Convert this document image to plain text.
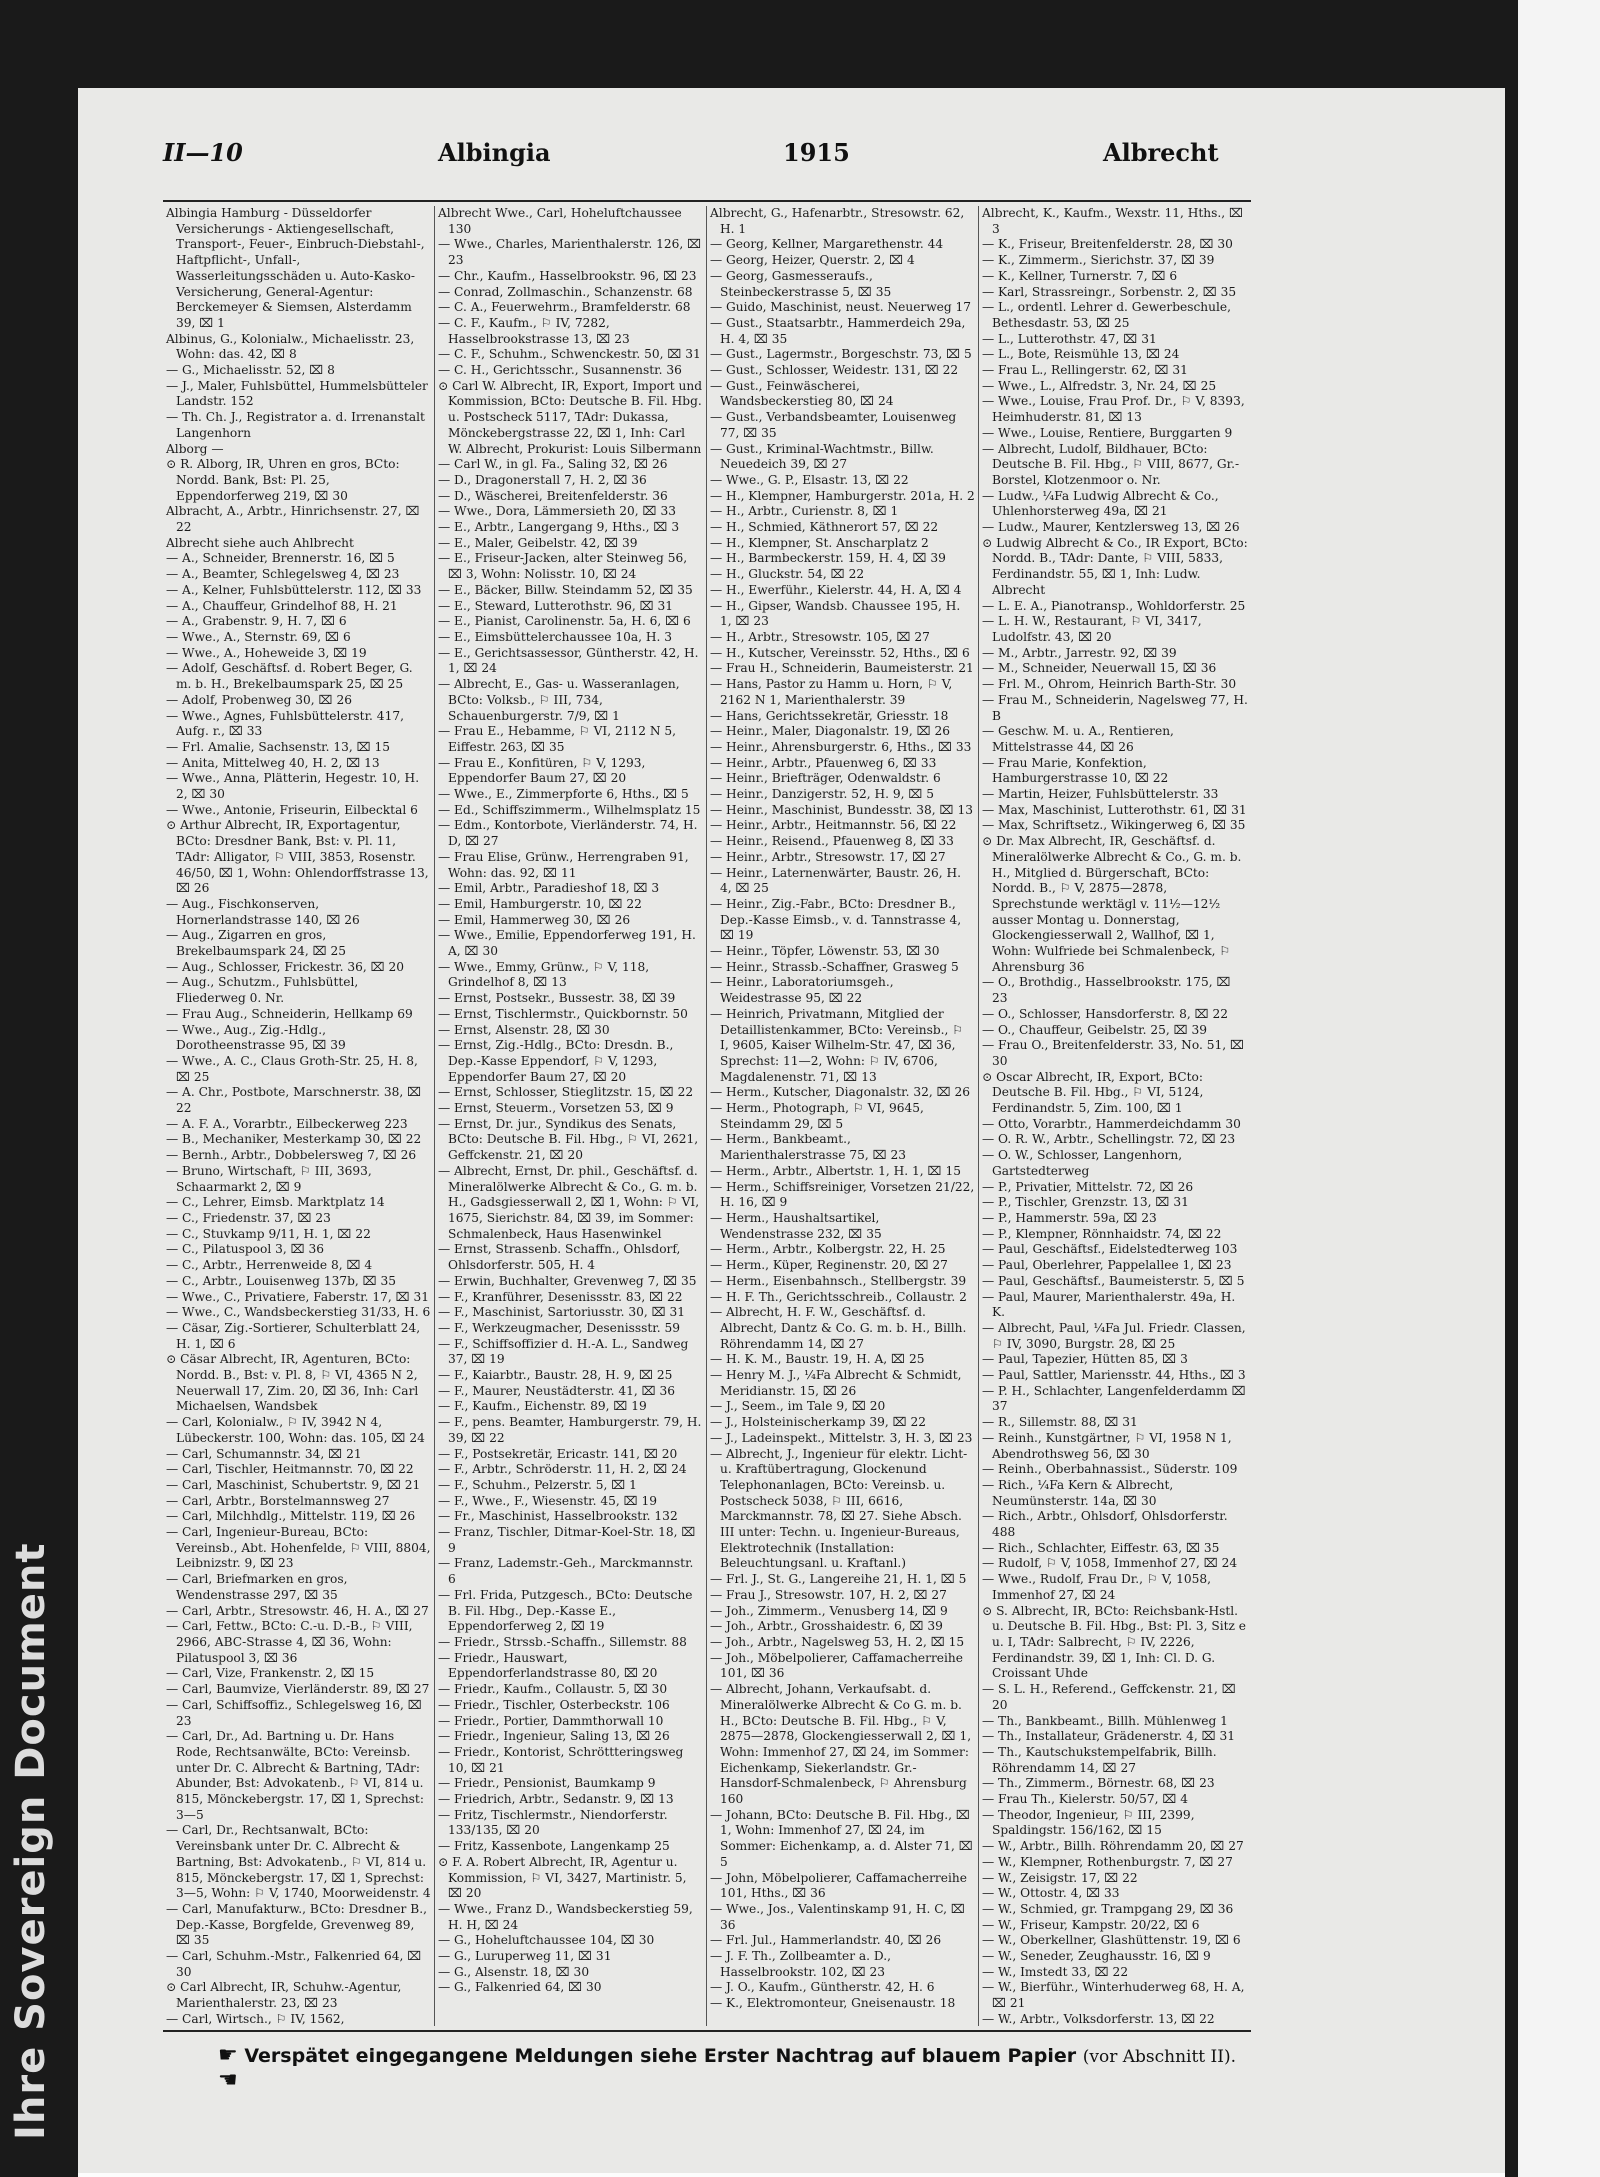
Ihre Sovereign Document
II—10	Albingia	1915	Albrecht

Albingia Hamburg - Düsseldorfer Versicherungs - Aktiengesellschaft, Transport-, Feuer-, Einbruch-Diebstahl-, Haftpflicht-, Unfall-, Wasserleitungsschäden u. Auto-Kasko-Versicherung, General-Agentur: Berckemeyer & Siemsen, Alsterdamm 39, ⌧ 1

Albinus, G., Kolonialw., Michaelisstr. 23, Wohn: das. 42, ⌧ 8

— G., Michaelisstr. 52, ⌧ 8

— J., Maler, Fuhlsbüttel, Hummelsbütteler Landstr. 152

— Th. Ch. J., Registrator a. d. Irrenanstalt Langenhorn

Alborg —

⊙ R. Alborg, IR, Uhren en gros, BCto: Nordd. Bank, Bst: Pl. 25, Eppendorferweg 219, ⌧ 30

Albracht, A., Arbtr., Hinrichsenstr. 27, ⌧ 22

Albrecht siehe auch Ahlbrecht

— A., Schneider, Brennerstr. 16, ⌧ 5

— A., Beamter, Schlegelsweg 4, ⌧ 23

— A., Kelner, Fuhlsbüttelerstr. 112, ⌧ 33

— A., Chauffeur, Grindelhof 88, H. 21

— A., Grabenstr. 9, H. 7, ⌧ 6

— Wwe., A., Sternstr. 69, ⌧ 6

— Wwe., A., Hoheweide 3, ⌧ 19

— Adolf, Geschäftsf. d. Robert Beger, G. m. b. H., Brekelbaumspark 25, ⌧ 25

— Adolf, Probenweg 30, ⌧ 26

— Wwe., Agnes, Fuhlsbüttelerstr. 417, Aufg. r., ⌧ 33

— Frl. Amalie, Sachsenstr. 13, ⌧ 15

— Anita, Mittelweg 40, H. 2, ⌧ 13

— Wwe., Anna, Plätterin, Hegestr. 10, H. 2, ⌧ 30

— Wwe., Antonie, Friseurin, Eilbecktal 6

⊙ Arthur Albrecht, IR, Exportagentur, BCto: Dresdner Bank, Bst: v. Pl. 11, TAdr: Alligator, ⚐ VIII, 3853, Rosenstr. 46/50, ⌧ 1, Wohn: Ohlendorffstrasse 13, ⌧ 26

— Aug., Fischkonserven, Hornerlandstrasse 140, ⌧ 26

— Aug., Zigarren en gros, Brekelbaumspark 24, ⌧ 25

— Aug., Schlosser, Frickestr. 36, ⌧ 20

— Aug., Schutzm., Fuhlsbüttel, Fliederweg 0. Nr.

— Frau Aug., Schneiderin, Hellkamp 69

— Wwe., Aug., Zig.-Hdlg., Dorotheenstrasse 95, ⌧ 39

— Wwe., A. C., Claus Groth-Str. 25, H. 8, ⌧ 25

— A. Chr., Postbote, Marschnerstr. 38, ⌧ 22

— A. F. A., Vorarbtr., Eilbeckerweg 223

— B., Mechaniker, Mesterkamp 30, ⌧ 22

— Bernh., Arbtr., Dobbelersweg 7, ⌧ 26

— Bruno, Wirtschaft, ⚐ III, 3693, Schaarmarkt 2, ⌧ 9

— C., Lehrer, Eimsb. Marktplatz 14

— C., Friedenstr. 37, ⌧ 23

— C., Stuvkamp 9/11, H. 1, ⌧ 22

— C., Pilatuspool 3, ⌧ 36

— C., Arbtr., Herrenweide 8, ⌧ 4

— C., Arbtr., Louisenweg 137b, ⌧ 35

— Wwe., C., Privatiere, Faberstr. 17, ⌧ 31

— Wwe., C., Wandsbeckerstieg 31/33, H. 6

— Cäsar, Zig.-Sortierer, Schulterblatt 24, H. 1, ⌧ 6

⊙ Cäsar Albrecht, IR, Agenturen, BCto: Nordd. B., Bst: v. Pl. 8, ⚐ VI, 4365 N 2, Neuerwall 17, Zim. 20, ⌧ 36, Inh: Carl Michaelsen, Wandsbek

— Carl, Kolonialw., ⚐ IV, 3942 N 4, Lübeckerstr. 100, Wohn: das. 105, ⌧ 24

— Carl, Schumannstr. 34, ⌧ 21

— Carl, Tischler, Heitmannstr. 70, ⌧ 22

— Carl, Maschinist, Schubertstr. 9, ⌧ 21

— Carl, Arbtr., Borstelmannsweg 27

— Carl, Milchhdlg., Mittelstr. 119, ⌧ 26

— Carl, Ingenieur-Bureau, BCto: Vereinsb., Abt. Hohenfelde, ⚐ VIII, 8804, Leibnizstr. 9, ⌧ 23

— Carl, Briefmarken en gros, Wendenstrasse 297, ⌧ 35

— Carl, Arbtr., Stresowstr. 46, H. A., ⌧ 27

— Carl, Fettw., BCto: C.-u. D.-B., ⚐ VIII, 2966, ABC-Strasse 4, ⌧ 36, Wohn: Pilatuspool 3, ⌧ 36

— Carl, Vize, Frankenstr. 2, ⌧ 15

— Carl, Baumvize, Vierländerstr. 89, ⌧ 27

— Carl, Schiffsoffiz., Schlegelsweg 16, ⌧ 23

— Carl, Dr., Ad. Bartning u. Dr. Hans Rode, Rechtsanwälte, BCto: Vereinsb. unter Dr. C. Albrecht & Bartning, TAdr: Abunder, Bst: Advokatenb., ⚐ VI, 814 u. 815, Mönckebergstr. 17, ⌧ 1, Sprechst: 3—5

— Carl, Dr., Rechtsanwalt, BCto: Vereinsbank unter Dr. C. Albrecht & Bartning, Bst: Advokatenb., ⚐ VI, 814 u. 815, Mönckebergstr. 17, ⌧ 1, Sprechst: 3—5, Wohn: ⚐ V, 1740, Moorweidenstr. 4

— Carl, Manufakturw., BCto: Dresdner B., Dep.-Kasse, Borgfelde, Grevenweg 89, ⌧ 35

— Carl, Schuhm.-Mstr., Falkenried 64, ⌧ 30

⊙ Carl Albrecht, IR, Schuhw.-Agentur, Marienthalerstr. 23, ⌧ 23

— Carl, Wirtsch., ⚐ IV, 1562,

Albrecht Wwe., Carl, Hoheluftchaussee 130

— Wwe., Charles, Marienthalerstr. 126, ⌧ 23

— Chr., Kaufm., Hasselbrookstr. 96, ⌧ 23

— Conrad, Zollmaschin., Schanzenstr. 68

— C. A., Feuerwehrm., Bramfelderstr. 68

— C. F., Kaufm., ⚐ IV, 7282, Hasselbrookstrasse 13, ⌧ 23

— C. F., Schuhm., Schwenckestr. 50, ⌧ 31

— C. H., Gerichtsschr., Susannenstr. 36

⊙ Carl W. Albrecht, IR, Export, Import und Kommission, BCto: Deutsche B. Fil. Hbg. u. Postscheck 5117, TAdr: Dukassa, Mönckebergstrasse 22, ⌧ 1, Inh: Carl W. Albrecht, Prokurist: Louis Silbermann

— Carl W., in gl. Fa., Saling 32, ⌧ 26

— D., Dragonerstall 7, H. 2, ⌧ 36

— D., Wäscherei, Breitenfelderstr. 36

— Wwe., Dora, Lämmersieth 20, ⌧ 33

— E., Arbtr., Langergang 9, Hths., ⌧ 3

— E., Maler, Geibelstr. 42, ⌧ 39

— E., Friseur-Jacken, alter Steinweg 56, ⌧ 3, Wohn: Nolisstr. 10, ⌧ 24

— E., Bäcker, Billw. Steindamm 52, ⌧ 35

— E., Steward, Lutterothstr. 96, ⌧ 31

— E., Pianist, Carolinenstr. 5a, H. 6, ⌧ 6

— E., Eimsbüttelerchaussee 10a, H. 3

— E., Gerichtsassessor, Güntherstr. 42, H. 1, ⌧ 24

— Albrecht, E., Gas- u. Wasseranlagen, BCto: Volksb., ⚐ III, 734, Schauenburgerstr. 7/9, ⌧ 1

— Frau E., Hebamme, ⚐ VI, 2112 N 5, Eiffestr. 263, ⌧ 35

— Frau E., Konfitüren, ⚐ V, 1293, Eppendorfer Baum 27, ⌧ 20

— Wwe., E., Zimmerpforte 6, Hths., ⌧ 5

— Ed., Schiffszimmerm., Wilhelmsplatz 15

— Edm., Kontorbote, Vierländerstr. 74, H. D, ⌧ 27

— Frau Elise, Grünw., Herrengraben 91, Wohn: das. 92, ⌧ 11

— Emil, Arbtr., Paradieshof 18, ⌧ 3

— Emil, Hamburgerstr. 10, ⌧ 22

— Emil, Hammerweg 30, ⌧ 26

— Wwe., Emilie, Eppendorferweg 191, H. A, ⌧ 30

— Wwe., Emmy, Grünw., ⚐ V, 118, Grindelhof 8, ⌧ 13

— Ernst, Postsekr., Bussestr. 38, ⌧ 39

— Ernst, Tischlermstr., Quickbornstr. 50

— Ernst, Alsenstr. 28, ⌧ 30

— Ernst, Zig.-Hdlg., BCto: Dresdn. B., Dep.-Kasse Eppendorf, ⚐ V, 1293, Eppendorfer Baum 27, ⌧ 20

— Ernst, Schlosser, Stieglitzstr. 15, ⌧ 22

— Ernst, Steuerm., Vorsetzen 53, ⌧ 9

— Ernst, Dr. jur., Syndikus des Senats, BCto: Deutsche B. Fil. Hbg., ⚐ VI, 2621, Geffckenstr. 21, ⌧ 20

— Albrecht, Ernst, Dr. phil., Geschäftsf. d. Mineralölwerke Albrecht & Co., G. m. b. H., Gadsgiesserwall 2, ⌧ 1, Wohn: ⚐ VI, 1675, Sierichstr. 84, ⌧ 39, im Sommer: Schmalenbeck, Haus Hasenwinkel

— Ernst, Strassenb. Schaffn., Ohlsdorf, Ohlsdorferstr. 505, H. 4

— Erwin, Buchhalter, Grevenweg 7, ⌧ 35

— F., Kranführer, Desenissstr. 83, ⌧ 22

— F., Maschinist, Sartoriusstr. 30, ⌧ 31

— F., Werkzeugmacher, Desenissstr. 59

— F., Schiffsoffizier d. H.-A. L., Sandweg 37, ⌧ 19

— F., Kaiarbtr., Baustr. 28, H. 9, ⌧ 25

— F., Maurer, Neustädterstr. 41, ⌧ 36

— F., Kaufm., Eichenstr. 89, ⌧ 19

— F., pens. Beamter, Hamburgerstr. 79, H. 39, ⌧ 22

— F., Postsekretär, Ericastr. 141, ⌧ 20

— F., Arbtr., Schröderstr. 11, H. 2, ⌧ 24

— F., Schuhm., Pelzerstr. 5, ⌧ 1

— F., Wwe., F., Wiesenstr. 45, ⌧ 19

— Fr., Maschinist, Hasselbrookstr. 132

— Franz, Tischler, Ditmar-Koel-Str. 18, ⌧ 9

— Franz, Lademstr.-Geh., Marckmannstr. 6

— Frl. Frida, Putzgesch., BCto: Deutsche B. Fil. Hbg., Dep.-Kasse E., Eppendorferweg 2, ⌧ 19

— Friedr., Strssb.-Schaffn., Sillemstr. 88

— Friedr., Hauswart, Eppendorferlandstrasse 80, ⌧ 20

— Friedr., Kaufm., Collaustr. 5, ⌧ 30

— Friedr., Tischler, Osterbeckstr. 106

— Friedr., Portier, Dammthorwall 10

— Friedr., Ingenieur, Saling 13, ⌧ 26

— Friedr., Kontorist, Schröttteringsweg 10, ⌧ 21

— Friedr., Pensionist, Baumkamp 9

— Friedrich, Arbtr., Sedanstr. 9, ⌧ 13

— Fritz, Tischlermstr., Niendorferstr. 133/135, ⌧ 20

— Fritz, Kassenbote, Langenkamp 25

⊙ F. A. Robert Albrecht, IR, Agentur u. Kommission, ⚐ VI, 3427, Martinistr. 5, ⌧ 20

— Wwe., Franz D., Wandsbeckerstieg 59, H. H, ⌧ 24

— G., Hoheluftchaussee 104, ⌧ 30

— G., Luruperweg 11, ⌧ 31

— G., Alsenstr. 18, ⌧ 30

— G., Falkenried 64, ⌧ 30

Albrecht, G., Hafenarbtr., Stresowstr. 62, H. 1

— Georg, Kellner, Margarethenstr. 44

— Georg, Heizer, Querstr. 2, ⌧ 4

— Georg, Gasmesseraufs., Steinbeckerstrasse 5, ⌧ 35

— Guido, Maschinist, neust. Neuerweg 17

— Gust., Staatsarbtr., Hammerdeich 29a, H. 4, ⌧ 35

— Gust., Lagermstr., Borgeschstr. 73, ⌧ 5

— Gust., Schlosser, Weidestr. 131, ⌧ 22

— Gust., Feinwäscherei, Wandsbeckerstieg 80, ⌧ 24

— Gust., Verbandsbeamter, Louisenweg 77, ⌧ 35

— Gust., Kriminal-Wachtmstr., Billw. Neuedeich 39, ⌧ 27

— Wwe., G. P., Elsastr. 13, ⌧ 22

— H., Klempner, Hamburgerstr. 201a, H. 2

— H., Arbtr., Curienstr. 8, ⌧ 1

— H., Schmied, Käthnerort 57, ⌧ 22

— H., Klempner, St. Anscharplatz 2

— H., Barmbeckerstr. 159, H. 4, ⌧ 39

— H., Gluckstr. 54, ⌧ 22

— H., Ewerführ., Kielerstr. 44, H. A, ⌧ 4

— H., Gipser, Wandsb. Chaussee 195, H. 1, ⌧ 23

— H., Arbtr., Stresowstr. 105, ⌧ 27

— H., Kutscher, Vereinsstr. 52, Hths., ⌧ 6

— Frau H., Schneiderin, Baumeisterstr. 21

— Hans, Pastor zu Hamm u. Horn, ⚐ V, 2162 N 1, Marienthalerstr. 39

— Hans, Gerichtssekretär, Griesstr. 18

— Heinr., Maler, Diagonalstr. 19, ⌧ 26

— Heinr., Ahrensburgerstr. 6, Hths., ⌧ 33

— Heinr., Arbtr., Pfauenweg 6, ⌧ 33

— Heinr., Briefträger, Odenwaldstr. 6

— Heinr., Danzigerstr. 52, H. 9, ⌧ 5

— Heinr., Maschinist, Bundesstr. 38, ⌧ 13

— Heinr., Arbtr., Heitmannstr. 56, ⌧ 22

— Heinr., Reisend., Pfauenweg 8, ⌧ 33

— Heinr., Arbtr., Stresowstr. 17, ⌧ 27

— Heinr., Laternenwärter, Baustr. 26, H. 4, ⌧ 25

— Heinr., Zig.-Fabr., BCto: Dresdner B., Dep.-Kasse Eimsb., v. d. Tannstrasse 4, ⌧ 19

— Heinr., Töpfer, Löwenstr. 53, ⌧ 30

— Heinr., Strassb.-Schaffner, Grasweg 5

— Heinr., Laboratoriumsgeh., Weidestrasse 95, ⌧ 22

— Heinrich, Privatmann, Mitglied der Detaillistenkammer, BCto: Vereinsb., ⚐ I, 9605, Kaiser Wilhelm-Str. 47, ⌧ 36, Sprechst: 11—2, Wohn: ⚐ IV, 6706, Magdalenenstr. 71, ⌧ 13

— Herm., Kutscher, Diagonalstr. 32, ⌧ 26

— Herm., Photograph, ⚐ VI, 9645, Steindamm 29, ⌧ 5

— Herm., Bankbeamt., Marienthalerstrasse 75, ⌧ 23

— Herm., Arbtr., Albertstr. 1, H. 1, ⌧ 15

— Herm., Schiffsreiniger, Vorsetzen 21/22, H. 16, ⌧ 9

— Herm., Haushaltsartikel, Wendenstrasse 232, ⌧ 35

— Herm., Arbtr., Kolbergstr. 22, H. 25

— Herm., Küper, Reginenstr. 20, ⌧ 27

— Herm., Eisenbahnsch., Stellbergstr. 39

— H. F. Th., Gerichtsschreib., Collaustr. 2

— Albrecht, H. F. W., Geschäftsf. d. Albrecht, Dantz & Co. G. m. b. H., Billh. Röhrendamm 14, ⌧ 27

— H. K. M., Baustr. 19, H. A, ⌧ 25

— Henry M. J., ¼Fa Albrecht & Schmidt, Meridianstr. 15, ⌧ 26

— J., Seem., im Tale 9, ⌧ 20

— J., Holsteinischerkamp 39, ⌧ 22

— J., Ladeinspekt., Mittelstr. 3, H. 3, ⌧ 23

— Albrecht, J., Ingenieur für elektr. Licht- u. Kraftübertragung, Glockenund Telephonanlagen, BCto: Vereinsb. u. Postscheck 5038, ⚐ III, 6616, Marckmannstr. 78, ⌧ 27. Siehe Absch. III unter: Techn. u. Ingenieur-Bureaus, Elektrotechnik (Installation: Beleuchtungsanl. u. Kraftanl.)

— Frl. J., St. G., Langereihe 21, H. 1, ⌧ 5

— Frau J., Stresowstr. 107, H. 2, ⌧ 27

— Joh., Zimmerm., Venusberg 14, ⌧ 9

— Joh., Arbtr., Grosshaidestr. 6, ⌧ 39

— Joh., Arbtr., Nagelsweg 53, H. 2, ⌧ 15

— Joh., Möbelpolierer, Caffamacherreihe 101, ⌧ 36

— Albrecht, Johann, Verkaufsabt. d. Mineralölwerke Albrecht & Co G. m. b. H., BCto: Deutsche B. Fil. Hbg., ⚐ V, 2875—2878, Glockengiesserwall 2, ⌧ 1, Wohn: Immenhof 27, ⌧ 24, im Sommer: Eichenkamp, Siekerlandstr. Gr.-Hansdorf-Schmalenbeck, ⚐ Ahrensburg 160

— Johann, BCto: Deutsche B. Fil. Hbg., ⌧ 1, Wohn: Immenhof 27, ⌧ 24, im Sommer: Eichenkamp, a. d. Alster 71, ⌧ 5

— John, Möbelpolierer, Caffamacherreihe 101, Hths., ⌧ 36

— Wwe., Jos., Valentinskamp 91, H. C, ⌧ 36

— Frl. Jul., Hammerlandstr. 40, ⌧ 26

— J. F. Th., Zollbeamter a. D., Hasselbrookstr. 102, ⌧ 23

— J. O., Kaufm., Güntherstr. 42, H. 6

— K., Elektromonteur, Gneisenaustr. 18

Albrecht, K., Kaufm., Wexstr. 11, Hths., ⌧ 3

— K., Friseur, Breitenfelderstr. 28, ⌧ 30

— K., Zimmerm., Sierichstr. 37, ⌧ 39

— K., Kellner, Turnerstr. 7, ⌧ 6

— Karl, Strassreingr., Sorbenstr. 2, ⌧ 35

— L., ordentl. Lehrer d. Gewerbeschule, Bethesdastr. 53, ⌧ 25

— L., Lutterothstr. 47, ⌧ 31

— L., Bote, Reismühle 13, ⌧ 24

— Frau L., Rellingerstr. 62, ⌧ 31

— Wwe., L., Alfredstr. 3, Nr. 24, ⌧ 25

— Wwe., Louise, Frau Prof. Dr., ⚐ V, 8393, Heimhuderstr. 81, ⌧ 13

— Wwe., Louise, Rentiere, Burggarten 9

— Albrecht, Ludolf, Bildhauer, BCto: Deutsche B. Fil. Hbg., ⚐ VIII, 8677, Gr.-Borstel, Klotzenmoor o. Nr.

— Ludw., ¼Fa Ludwig Albrecht & Co., Uhlenhorsterweg 49a, ⌧ 21

— Ludw., Maurer, Kentzlersweg 13, ⌧ 26

⊙ Ludwig Albrecht & Co., IR Export, BCto: Nordd. B., TAdr: Dante, ⚐ VIII, 5833, Ferdinandstr. 55, ⌧ 1, Inh: Ludw. Albrecht

— L. E. A., Pianotransp., Wohldorferstr. 25

— L. H. W., Restaurant, ⚐ VI, 3417, Ludolfstr. 43, ⌧ 20

— M., Arbtr., Jarrestr. 92, ⌧ 39

— M., Schneider, Neuerwall 15, ⌧ 36

— Frl. M., Ohrom, Heinrich Barth-Str. 30

— Frau M., Schneiderin, Nagelsweg 77, H. B

— Geschw. M. u. A., Rentieren, Mittelstrasse 44, ⌧ 26

— Frau Marie, Konfektion, Hamburgerstrasse 10, ⌧ 22

— Martin, Heizer, Fuhlsbüttelerstr. 33

— Max, Maschinist, Lutterothstr. 61, ⌧ 31

— Max, Schriftsetz., Wikingerweg 6, ⌧ 35

⊙ Dr. Max Albrecht, IR, Geschäftsf. d. Mineralölwerke Albrecht & Co., G. m. b. H., Mitglied d. Bürgerschaft, BCto: Nordd. B., ⚐ V, 2875—2878, Sprechstunde werktägl v. 11½—12½ ausser Montag u. Donnerstag, Glockengiesserwall 2, Wallhof, ⌧ 1, Wohn: Wulfriede bei Schmalenbeck, ⚐ Ahrensburg 36

— O., Brothdig., Hasselbrookstr. 175, ⌧ 23

— O., Schlosser, Hansdorferstr. 8, ⌧ 22

— O., Chauffeur, Geibelstr. 25, ⌧ 39

— Frau O., Breitenfelderstr. 33, No. 51, ⌧ 30

⊙ Oscar Albrecht, IR, Export, BCto: Deutsche B. Fil. Hbg., ⚐ VI, 5124, Ferdinandstr. 5, Zim. 100, ⌧ 1

— Otto, Vorarbtr., Hammerdeichdamm 30

— O. R. W., Arbtr., Schellingstr. 72, ⌧ 23

— O. W., Schlosser, Langenhorn, Gartstedterweg

— P., Privatier, Mittelstr. 72, ⌧ 26

— P., Tischler, Grenzstr. 13, ⌧ 31

— P., Hammerstr. 59a, ⌧ 23

— P., Klempner, Rönnhaidstr. 74, ⌧ 22

— Paul, Geschäftsf., Eidelstedterweg 103

— Paul, Oberlehrer, Pappelallee 1, ⌧ 23

— Paul, Geschäftsf., Baumeisterstr. 5, ⌧ 5

— Paul, Maurer, Marienthalerstr. 49a, H. K.

— Albrecht, Paul, ¼Fa Jul. Friedr. Classen, ⚐ IV, 3090, Burgstr. 28, ⌧ 25

— Paul, Tapezier, Hütten 85, ⌧ 3

— Paul, Sattler, Mariensstr. 44, Hths., ⌧ 3

— P. H., Schlachter, Langenfelderdamm ⌧ 37

— R., Sillemstr. 88, ⌧ 31

— Reinh., Kunstgärtner, ⚐ VI, 1958 N 1, Abendrothsweg 56, ⌧ 30

— Reinh., Oberbahnassist., Süderstr. 109

— Rich., ¼Fa Kern & Albrecht, Neumünsterstr. 14a, ⌧ 30

— Rich., Arbtr., Ohlsdorf, Ohlsdorferstr. 488

— Rich., Schlachter, Eiffestr. 63, ⌧ 35

— Rudolf, ⚐ V, 1058, Immenhof 27, ⌧ 24

— Wwe., Rudolf, Frau Dr., ⚐ V, 1058, Immenhof 27, ⌧ 24

⊙ S. Albrecht, IR, BCto: Reichsbank-Hstl. u. Deutsche B. Fil. Hbg., Bst: Pl. 3, Sitz e u. I, TAdr: Salbrecht, ⚐ IV, 2226, Ferdinandstr. 39, ⌧ 1, Inh: Cl. D. G. Croissant Uhde

— S. L. H., Referend., Geffckenstr. 21, ⌧ 20

— Th., Bankbeamt., Billh. Mühlenweg 1

— Th., Installateur, Grädenerstr. 4, ⌧ 31

— Th., Kautschukstempelfabrik, Billh. Röhrendamm 14, ⌧ 27

— Th., Zimmerm., Börnestr. 68, ⌧ 23

— Frau Th., Kielerstr. 50/57, ⌧ 4

— Theodor, Ingenieur, ⚐ III, 2399, Spaldingstr. 156/162, ⌧ 15

— W., Arbtr., Billh. Röhrendamm 20, ⌧ 27

— W., Klempner, Rothenburgstr. 7, ⌧ 27

— W., Zeisigstr. 17, ⌧ 22

— W., Ottostr. 4, ⌧ 33

— W., Schmied, gr. Trampgang 29, ⌧ 36

— W., Friseur, Kampstr. 20/22, ⌧ 6

— W., Oberkellner, Glashüttenstr. 19, ⌧ 6

— W., Seneder, Zeughausstr. 16, ⌧ 9

— W., Imstedt 33, ⌧ 22

— W., Bierführ., Winterhuderweg 68, H. A, ⌧ 21

— W., Arbtr., Volksdorferstr. 13, ⌧ 22

☛ Verspätet eingegangene Meldungen siehe Erster Nachtrag auf blauem Papier (vor Abschnitt II). ☚
